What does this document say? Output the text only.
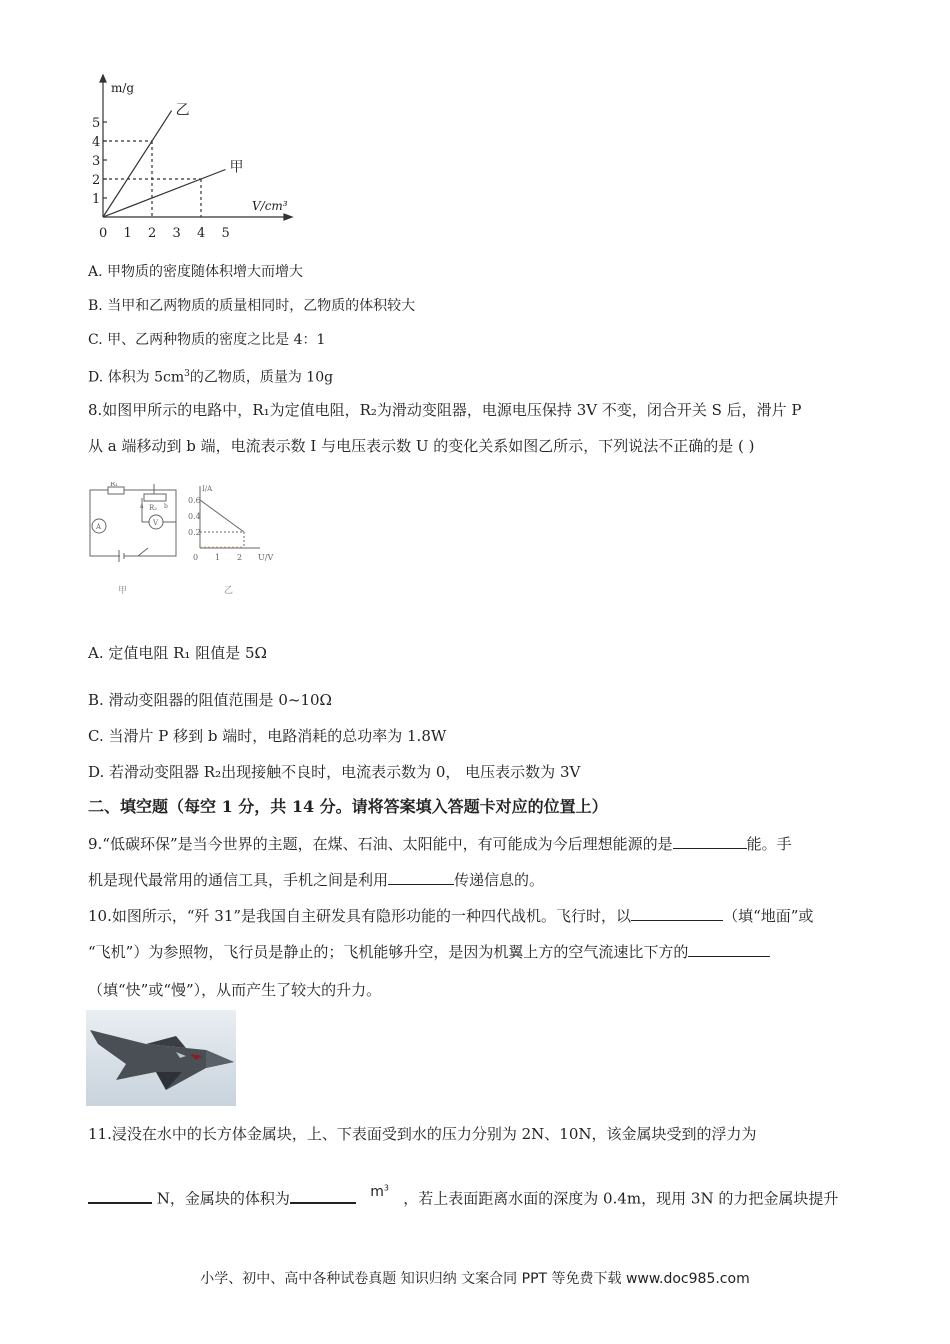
m/g
V/cm³
1
2
3
4
5
0 1 2 3 4 5
乙
甲
A. 甲物质的密度随体积增大而增大
B. 当甲和乙两物质的质量相同时，乙物质的体积较大
C. 甲、乙两种物质的密度之比是 4：1
D. 体积为 $5cm^3$的乙物质，质量为 10g
8.如图甲所示的电路中，R₁为定值电阻，R₂为滑动变阻器，电源电压保持 3V 不变，闭合开关 S 后，滑片 P
从 a 端移动到 b 端，电流表示数 I 与电压表示数 U 的变化关系如图乙所示，下列说法不正确的是 ( )
R₁
R₂
a	b
A	V
甲
I/A
U/V
0.6
0.4
0.2
0 1 2
乙
A. 定值电阻 R₁ 阻值是 5Ω
B. 滑动变阻器的阻值范围是 0~10Ω
C. 当滑片 P 移到 b 端时，电路消耗的总功率为 1.8W
D. 若滑动变阻器 R₂出现接触不良时，电流表示数为 0， 电压表示数为 3V
二、填空题（每空 1 分，共 14 分。请将答案填入答题卡对应的位置上）
9.“低碳环保”是当今世界的主题，在煤、石油、太阳能中，有可能成为今后理想能源的是	能。手
机是现代最常用的通信工具，手机之间是利用	传递信息的。
10.如图所示，“歼 31”是我国自主研发具有隐形功能的一种四代战机。飞行时，以	（填“地面”或
“飞机”）为参照物，飞行员是静止的；飞机能够升空，是因为机翼上方的空气流速比下方的
（填“快”或“慢”），从而产生了较大的升力。
11.浸没在水中的长方体金属块，上、下表面受到水的压力分别为 2N、10N，该金属块受到的浮力为
N，金属块的体积为	$m^3$   ，若上表面距离水面的深度为 0.4m，现用 3N 的力把金属块提升
小学、初中、高中各种试卷真题 知识归纳 文案合同 PPT 等免费下载 www.doc985.com
